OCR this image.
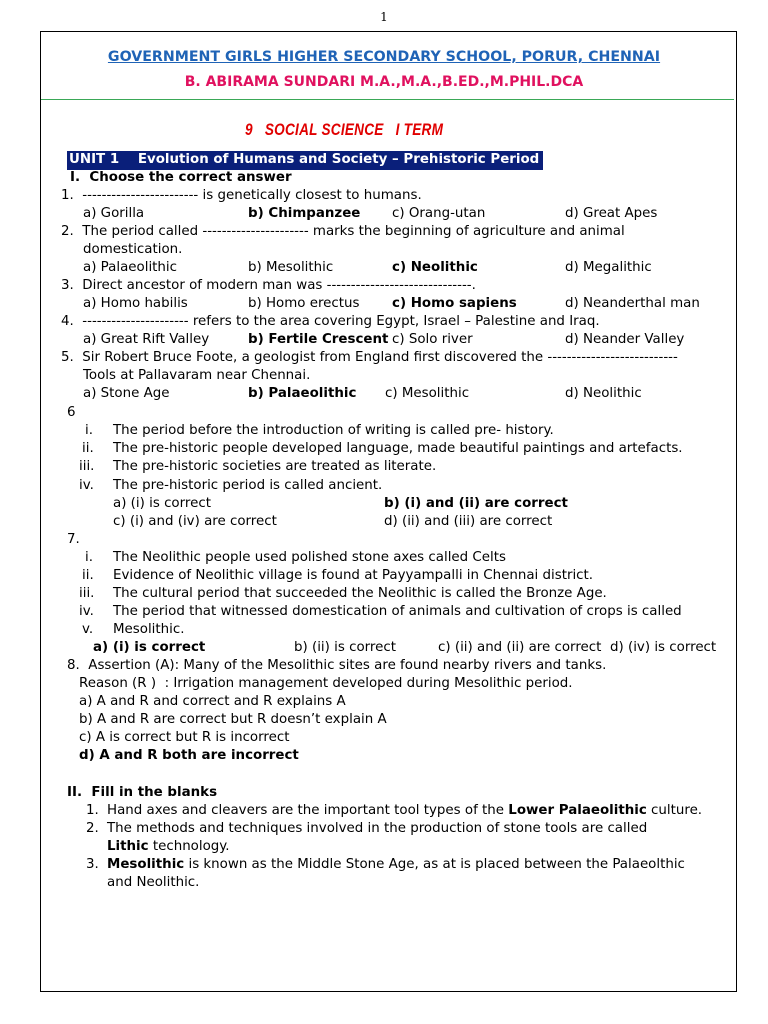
1
GOVERNMENT GIRLS HIGHER SECONDARY SCHOOL, PORUR, CHENNAI
B. ABIRAMA SUNDARI M.A.,M.A.,B.ED.,M.PHIL.DCA
9   SOCIAL SCIENCE   I TERM
UNIT 1    Evolution of Humans and Society – Prehistoric Period
I.  Choose the correct answer
1.  ------------------------ is genetically closest to humans.
a) Gorilla	b) Chimpanzee c) Orang-utan	d) Great Apes
2.  The period called ---------------------- marks the beginning of agriculture and animal
domestication.
a) Palaeolithic	b) Mesolithic	c) Neolithic	d) Megalithic
3.  Direct ancestor of modern man was ------------------------------.
a) Homo habilis	b) Homo erectus c) Homo sapiens	d) Neanderthal man
4.  ---------------------- refers to the area covering Egypt, Israel – Palestine and Iraq.
a) Great Rift Valley	b) Fertile Crescent c) Solo river	d) Neander Valley
5.  Sir Robert Bruce Foote, a geologist from England first discovered the ---------------------------
Tools at Pallavaram near Chennai.
a) Stone Age	b) Palaeolithic c) Mesolithic	d) Neolithic
6
i. The period before the introduction of writing is called pre- history.
ii. The pre-historic people developed language, made beautiful paintings and artefacts.
iii. The pre-historic societies are treated as literate.
iv. The pre-historic period is called ancient.
a) (i) is correct	b) (i) and (ii) are correct
c) (i) and (iv) are correct	d) (ii) and (iii) are correct
7.
i. The Neolithic people used polished stone axes called Celts
ii. Evidence of Neolithic village is found at Payyampalli in Chennai district.
iii. The cultural period that succeeded the Neolithic is called the Bronze Age.
iv. The period that witnessed domestication of animals and cultivation of crops is called
v. Mesolithic.
a) (i) is correct	b) (ii) is correct	c) (ii) and (ii) are correct d) (iv) is correct
8.  Assertion (A): Many of the Mesolithic sites are found nearby rivers and tanks.
Reason (R )  : Irrigation management developed during Mesolithic period.
a) A and R and correct and R explains A
b) A and R are correct but R doesn’t explain A
c) A is correct but R is incorrect
d) A and R both are incorrect
II.  Fill in the blanks
1. Hand axes and cleavers are the important tool types of the Lower Palaeolithic culture.
2. The methods and techniques involved in the production of stone tools are called
Lithic technology.
3. Mesolithic is known as the Middle Stone Age, as at is placed between the Palaeolthic
and Neolithic.
